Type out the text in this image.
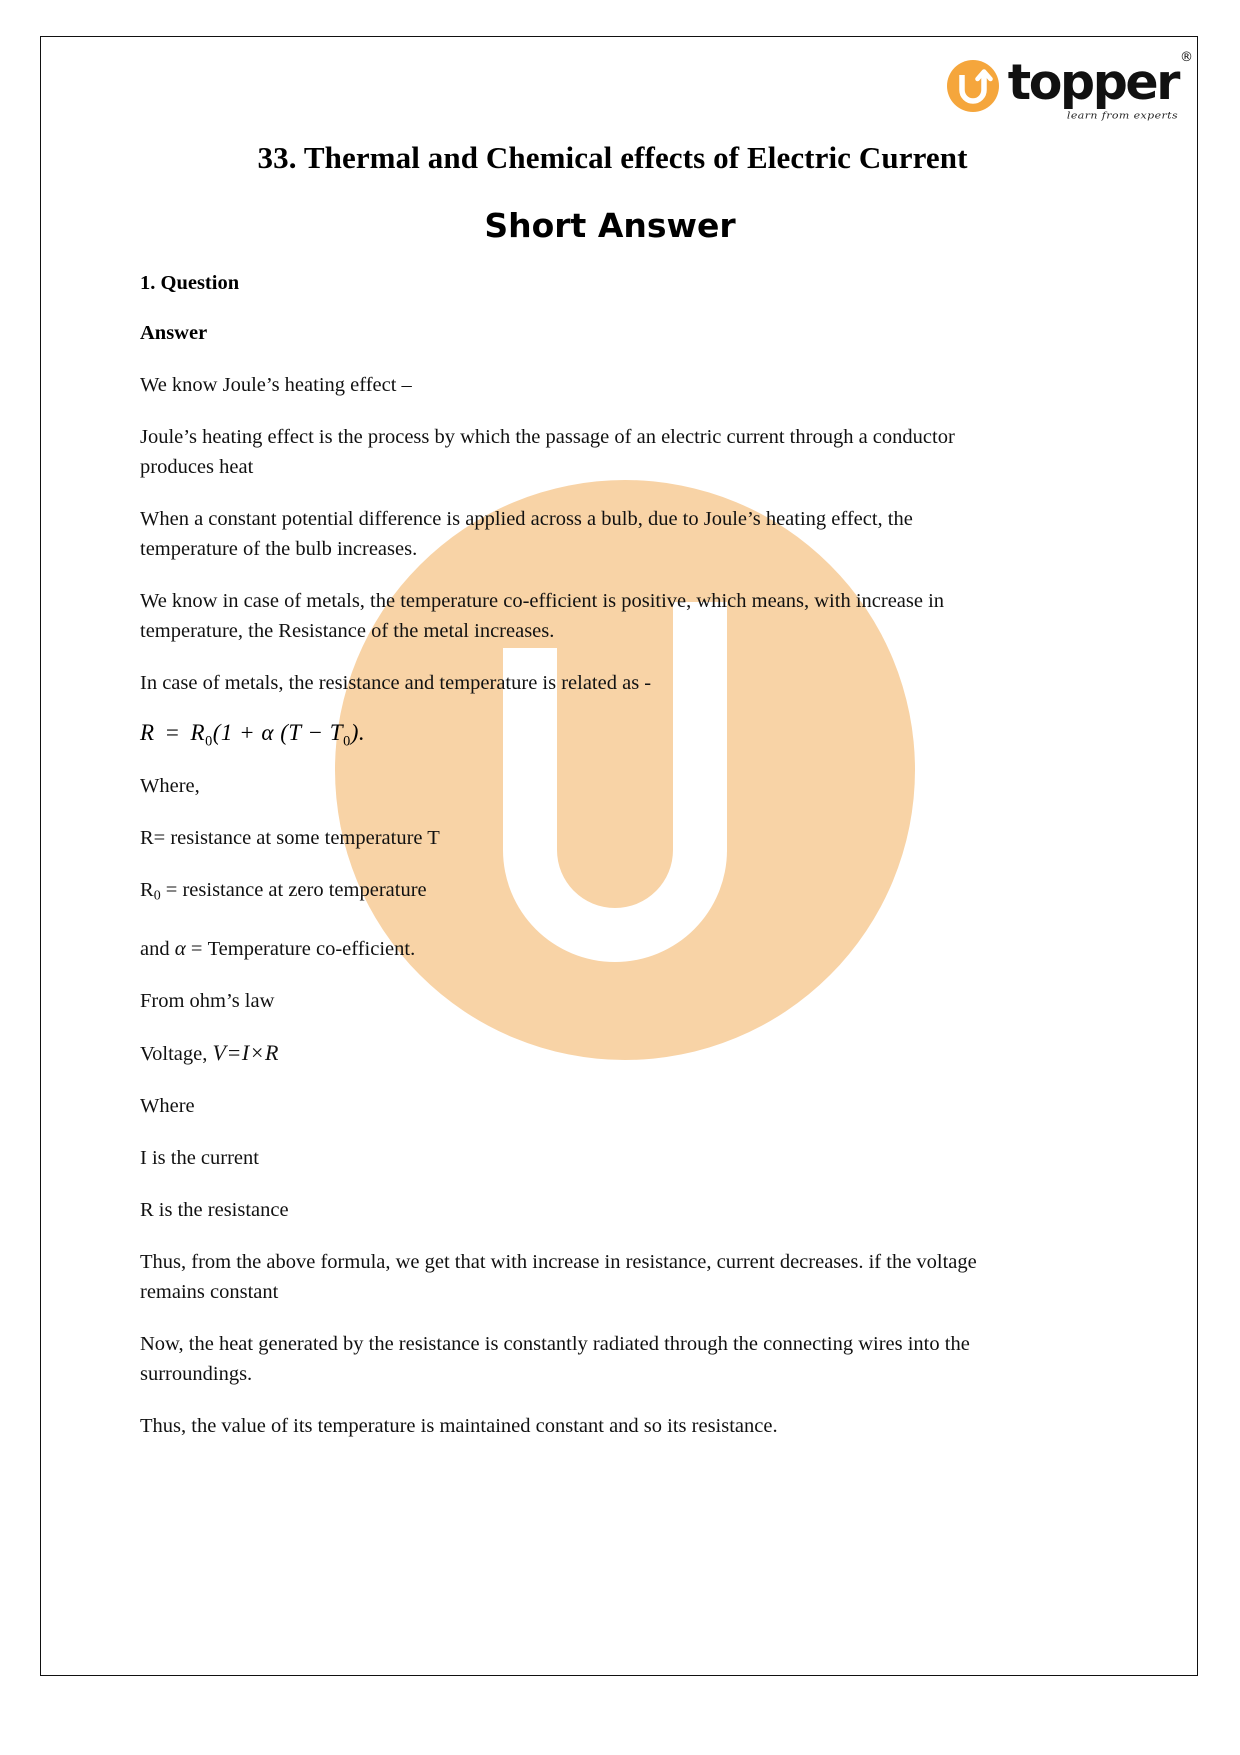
topper ®
learn from experts
33. Thermal and Chemical effects of Electric Current
Short Answer
1. Question
Answer

We know Joule’s heating effect –

Joule’s heating effect is the process by which the passage of an electric current through a conductor produces heat

When a constant potential difference is applied across a bulb, due to Joule’s heating effect, the temperature of the bulb increases.

We know in case of metals, the temperature co-efficient is positive, which means, with increase in temperature, the Resistance of the metal increases.

In case of metals, the resistance and temperature is related as -

$R = R_0(1 + \alpha$ $(T - T_0)$.

Where,

R= resistance at some temperature T

R0 = resistance at zero temperature

and α = Temperature co-efficient.

From ohm’s law

Voltage, V=I×R

Where

I is the current

R is the resistance

Thus, from the above formula, we get that with increase in resistance, current decreases. if the voltage remains constant

Now, the heat generated by the resistance is constantly radiated through the connecting wires into the surroundings.

Thus, the value of its temperature is maintained constant and so its resistance.
